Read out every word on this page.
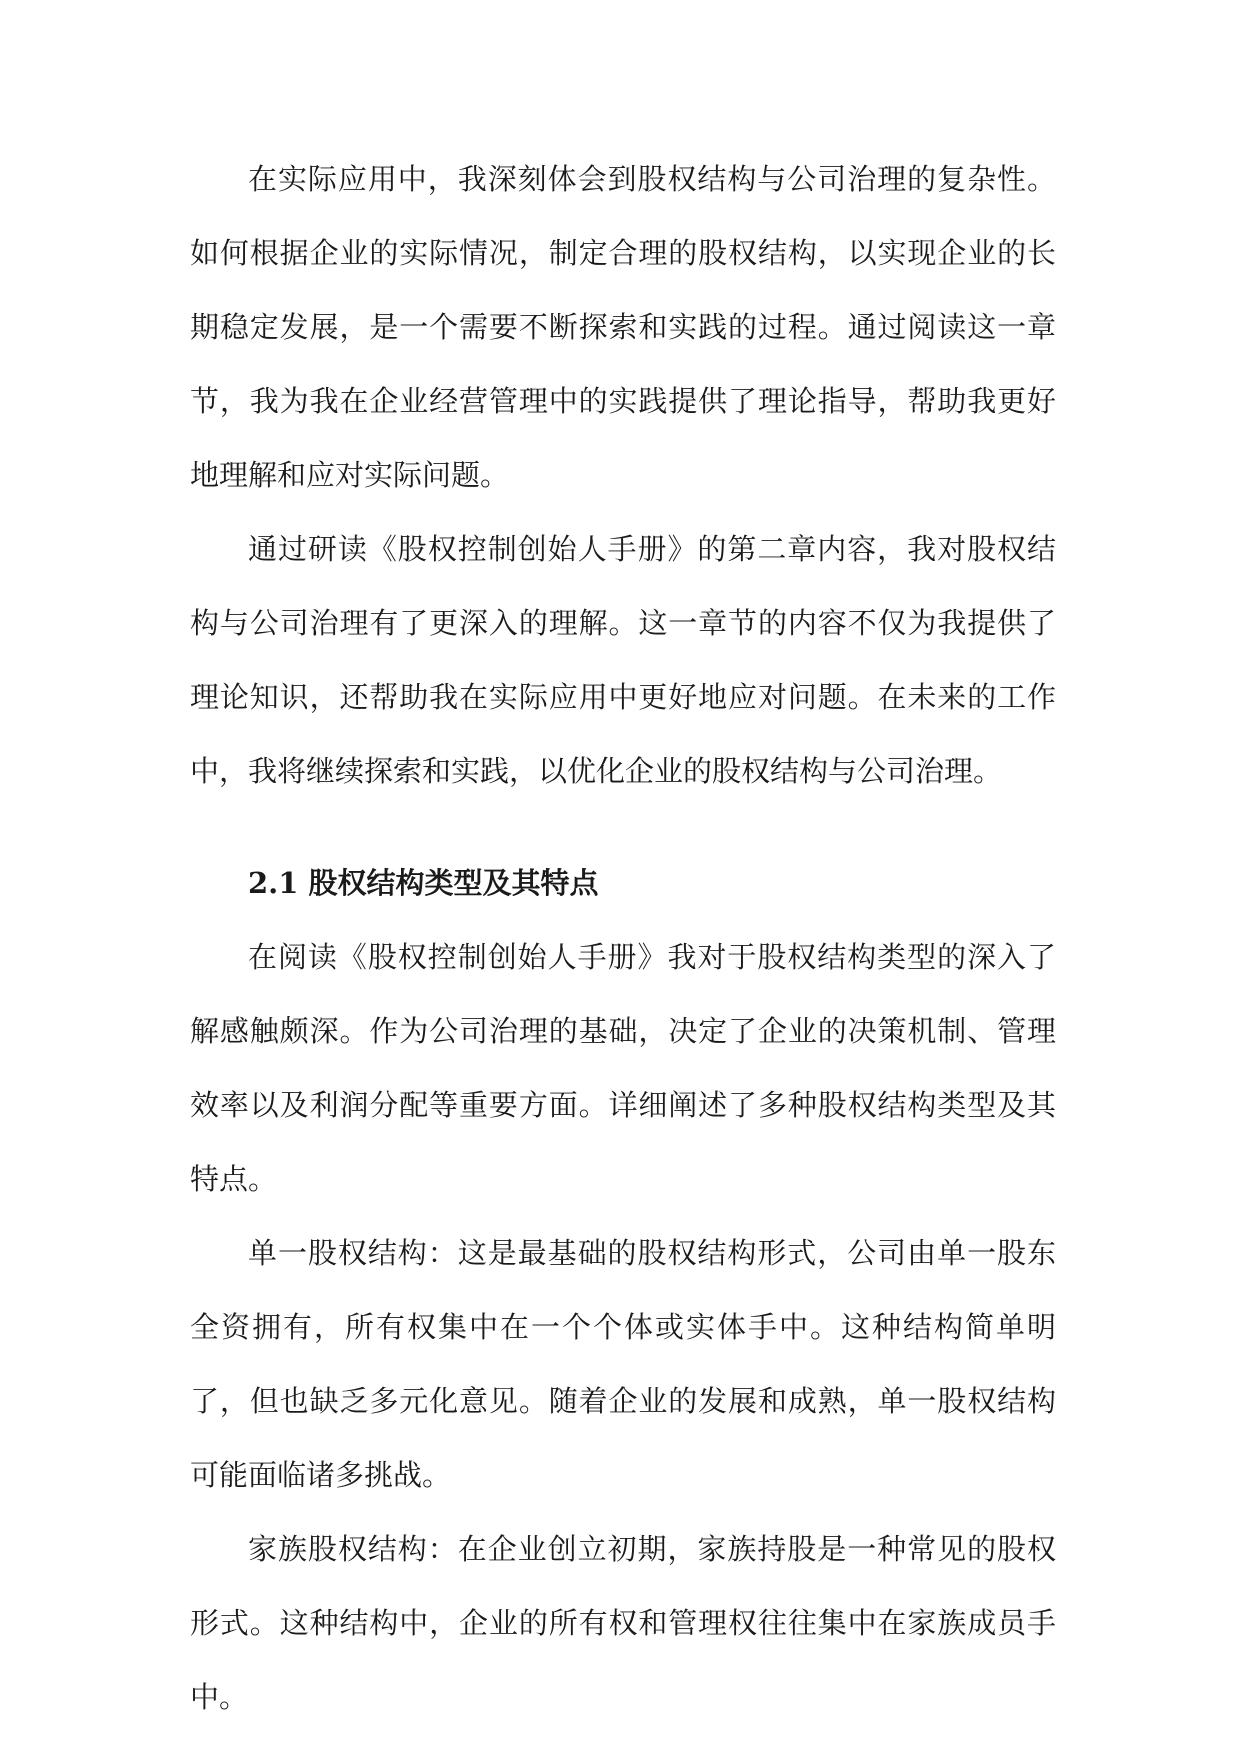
在实际应用中，我深刻体会到股权结构与公司治理的复杂性。如何根据企业的实际情况，制定合理的股权结构，以实现企业的长期稳定发展，是一个需要不断探索和实践的过程。通过阅读这一章节，我为我在企业经营管理中的实践提供了理论指导，帮助我更好地理解和应对实际问题。

通过研读《股权控制创始人手册》的第二章内容，我对股权结构与公司治理有了更深入的理解。这一章节的内容不仅为我提供了理论知识，还帮助我在实际应用中更好地应对问题。在未来的工作中，我将继续探索和实践，以优化企业的股权结构与公司治理。

2.1 股权结构类型及其特点

在阅读《股权控制创始人手册》我对于股权结构类型的深入了解感触颇深。作为公司治理的基础，决定了企业的决策机制、管理效率以及利润分配等重要方面。详细阐述了多种股权结构类型及其特点。

单一股权结构：这是最基础的股权结构形式，公司由单一股东全资拥有，所有权集中在一个个体或实体手中。这种结构简单明了，但也缺乏多元化意见。随着企业的发展和成熟，单一股权结构可能面临诸多挑战。

家族股权结构：在企业创立初期，家族持股是一种常见的股权形式。这种结构中，企业的所有权和管理权往往集中在家族成员手中。
